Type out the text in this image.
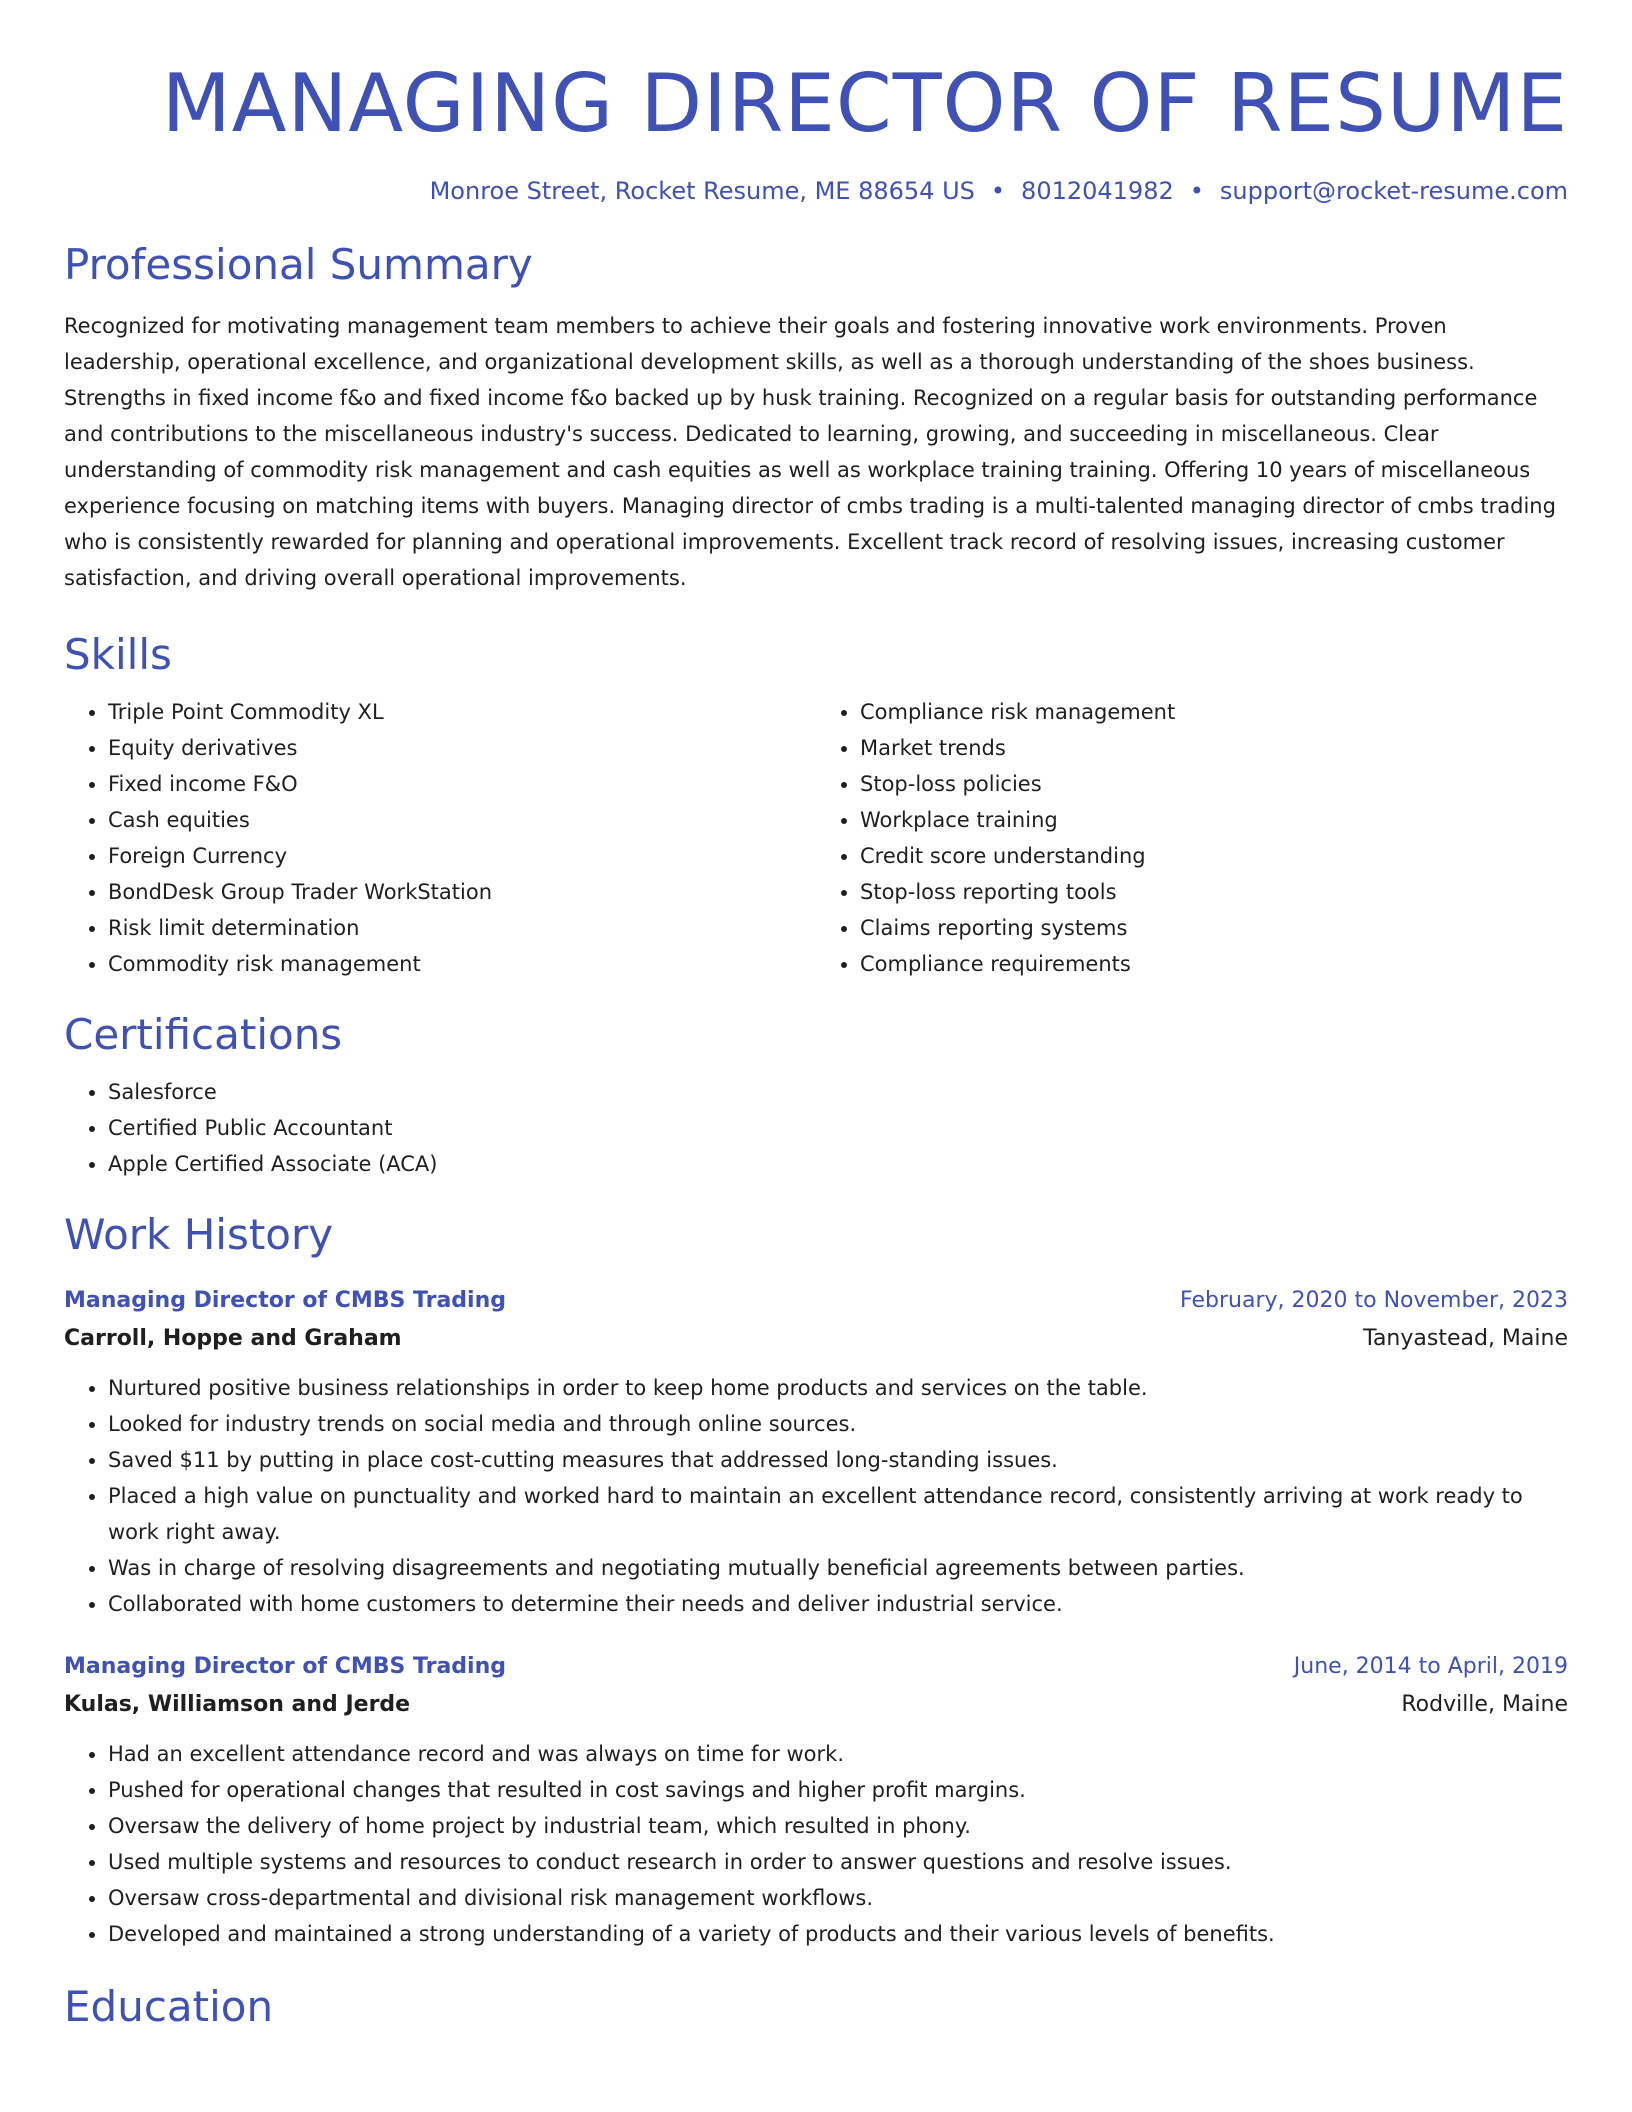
MANAGING DIRECTOR OF RESUME
Monroe Street, Rocket Resume, ME 88654 US • 8012041982 • support@rocket-resume.com
Professional Summary

Recognized for motivating management team members to achieve their goals and fostering innovative work environments. Proven leadership, operational excellence, and organizational development skills, as well as a thorough understanding of the shoes business. Strengths in fixed income f&o and fixed income f&o backed up by husk training. Recognized on a regular basis for outstanding performance and contributions to the miscellaneous industry's success. Dedicated to learning, growing, and succeeding in miscellaneous. Clear understanding of commodity risk management and cash equities as well as workplace training training. Offering 10 years of miscellaneous experience focusing on matching items with buyers. Managing director of cmbs trading is a multi-talented managing director of cmbs trading who is consistently rewarded for planning and operational improvements. Excellent track record of resolving issues, increasing customer satisfaction, and driving overall operational improvements.

Skills
• Triple Point Commodity XL
• Equity derivatives
• Fixed income F&O
• Cash equities
• Foreign Currency
• BondDesk Group Trader WorkStation
• Risk limit determination
• Commodity risk management
• Compliance risk management
• Market trends
• Stop-loss policies
• Workplace training
• Credit score understanding
• Stop-loss reporting tools
• Claims reporting systems
• Compliance requirements
Certifications
• Salesforce
• Certified Public Accountant
• Apple Certified Associate (ACA)
Work History
Managing Director of CMBS Trading	February, 2020 to November, 2023
Carroll, Hoppe and Graham	Tanyastead, Maine
• Nurtured positive business relationships in order to keep home products and services on the table.
• Looked for industry trends on social media and through online sources.
• Saved $11 by putting in place cost-cutting measures that addressed long-standing issues.
• Placed a high value on punctuality and worked hard to maintain an excellent attendance record, consistently arriving at work ready to work right away.
• Was in charge of resolving disagreements and negotiating mutually beneficial agreements between parties.
• Collaborated with home customers to determine their needs and deliver industrial service.
Managing Director of CMBS Trading	June, 2014 to April, 2019
Kulas, Williamson and Jerde	Rodville, Maine
• Had an excellent attendance record and was always on time for work.
• Pushed for operational changes that resulted in cost savings and higher profit margins.
• Oversaw the delivery of home project by industrial team, which resulted in phony.
• Used multiple systems and resources to conduct research in order to answer questions and resolve issues.
• Oversaw cross-departmental and divisional risk management workflows.
• Developed and maintained a strong understanding of a variety of products and their various levels of benefits.
Education
